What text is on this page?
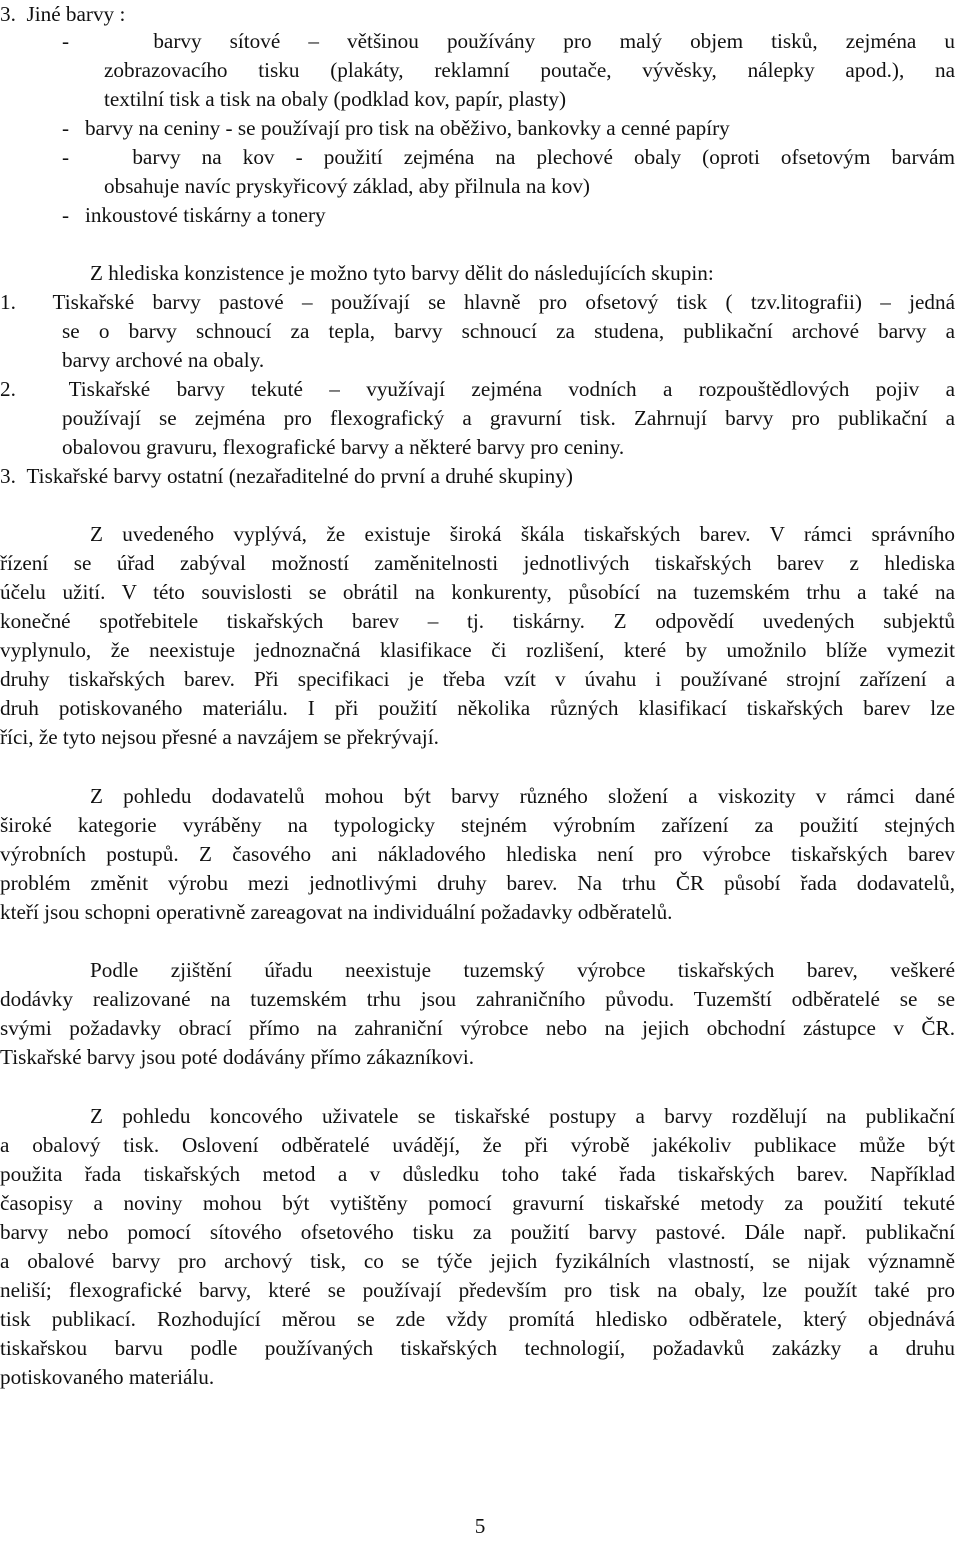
3.  Jiné barvy :
-   barvy sítové – většinou používány pro malý objem tisků, zejména u
zobrazovacího tisku (plakáty, reklamní poutače, vývěsky, nálepky apod.), na
textilní tisk a tisk na obaly (podklad kov, papír, plasty)
-   barvy na ceniny - se používají pro tisk na oběživo, bankovky a cenné papíry
-   barvy na kov - použití zejména na plechové obaly (oproti ofsetovým barvám
obsahuje navíc pryskyřicový základ, aby přilnula na kov)
-   inkoustové tiskárny a tonery
Z hlediska konzistence je možno tyto barvy dělit do následujících skupin:
1.  Tiskařské barvy pastové – používají se hlavně pro ofsetový tisk ( tzv.litografii) – jedná
se o barvy schnoucí za tepla, barvy schnoucí za studena, publikační archové barvy a
barvy archové na obaly.
2.  Tiskařské barvy tekuté – využívají zejména vodních a rozpouštědlových pojiv a
používají se zejména pro flexografický a gravurní tisk. Zahrnují barvy pro publikační a
obalovou gravuru, flexografické barvy a některé barvy pro ceniny.
3.  Tiskařské barvy ostatní (nezařaditelné do první a druhé skupiny)
Z uvedeného vyplývá, že existuje široká škála tiskařských barev. V rámci správního
řízení se úřad zabýval možností zaměnitelnosti jednotlivých tiskařských barev z hlediska
účelu užití. V této souvislosti se obrátil na konkurenty, působící na tuzemském trhu a také na
konečné spotřebitele tiskařských barev – tj. tiskárny. Z odpovědí uvedených subjektů
vyplynulo, že neexistuje jednoznačná klasifikace či rozlišení, které by umožnilo blíže vymezit
druhy tiskařských barev. Při specifikaci je třeba vzít v úvahu i používané strojní zařízení a
druh potiskovaného materiálu. I při použití několika různých klasifikací tiskařských barev lze
říci, že tyto nejsou přesné a navzájem se překrývají.
Z pohledu dodavatelů mohou být barvy různého složení a viskozity v rámci dané
široké kategorie vyráběny na typologicky stejném výrobním zařízení za použití stejných
výrobních postupů. Z časového ani nákladového hlediska není pro výrobce tiskařských barev
problém změnit výrobu mezi jednotlivými druhy barev. Na trhu ČR působí řada dodavatelů,
kteří jsou schopni operativně zareagovat na individuální požadavky odběratelů.
Podle zjištění úřadu neexistuje tuzemský výrobce tiskařských barev, veškeré
dodávky realizované na tuzemském trhu jsou zahraničního původu. Tuzemští odběratelé se se
svými požadavky obrací přímo na zahraniční výrobce nebo na jejich obchodní zástupce v ČR.
Tiskařské barvy jsou poté dodávány přímo zákazníkovi.
Z pohledu koncového uživatele se tiskařské postupy a barvy rozdělují na publikační
a obalový tisk. Oslovení odběratelé uvádějí, že při výrobě jakékoliv publikace může být
použita řada tiskařských metod a v důsledku toho také řada tiskařských barev. Například
časopisy a noviny mohou být vytištěny pomocí gravurní tiskařské metody za použití tekuté
barvy nebo pomocí sítového ofsetového tisku za použití barvy pastové. Dále např. publikační
a obalové barvy pro archový tisk, co se týče jejich fyzikálních vlastností, se nijak významně
neliší; flexografické barvy, které se používají především pro tisk na obaly, lze použít také pro
tisk publikací. Rozhodující měrou se zde vždy promítá hledisko odběratele, který objednává
tiskařskou barvu podle používaných tiskařských technologií, požadavků zakázky a druhu
potiskovaného materiálu.
5
